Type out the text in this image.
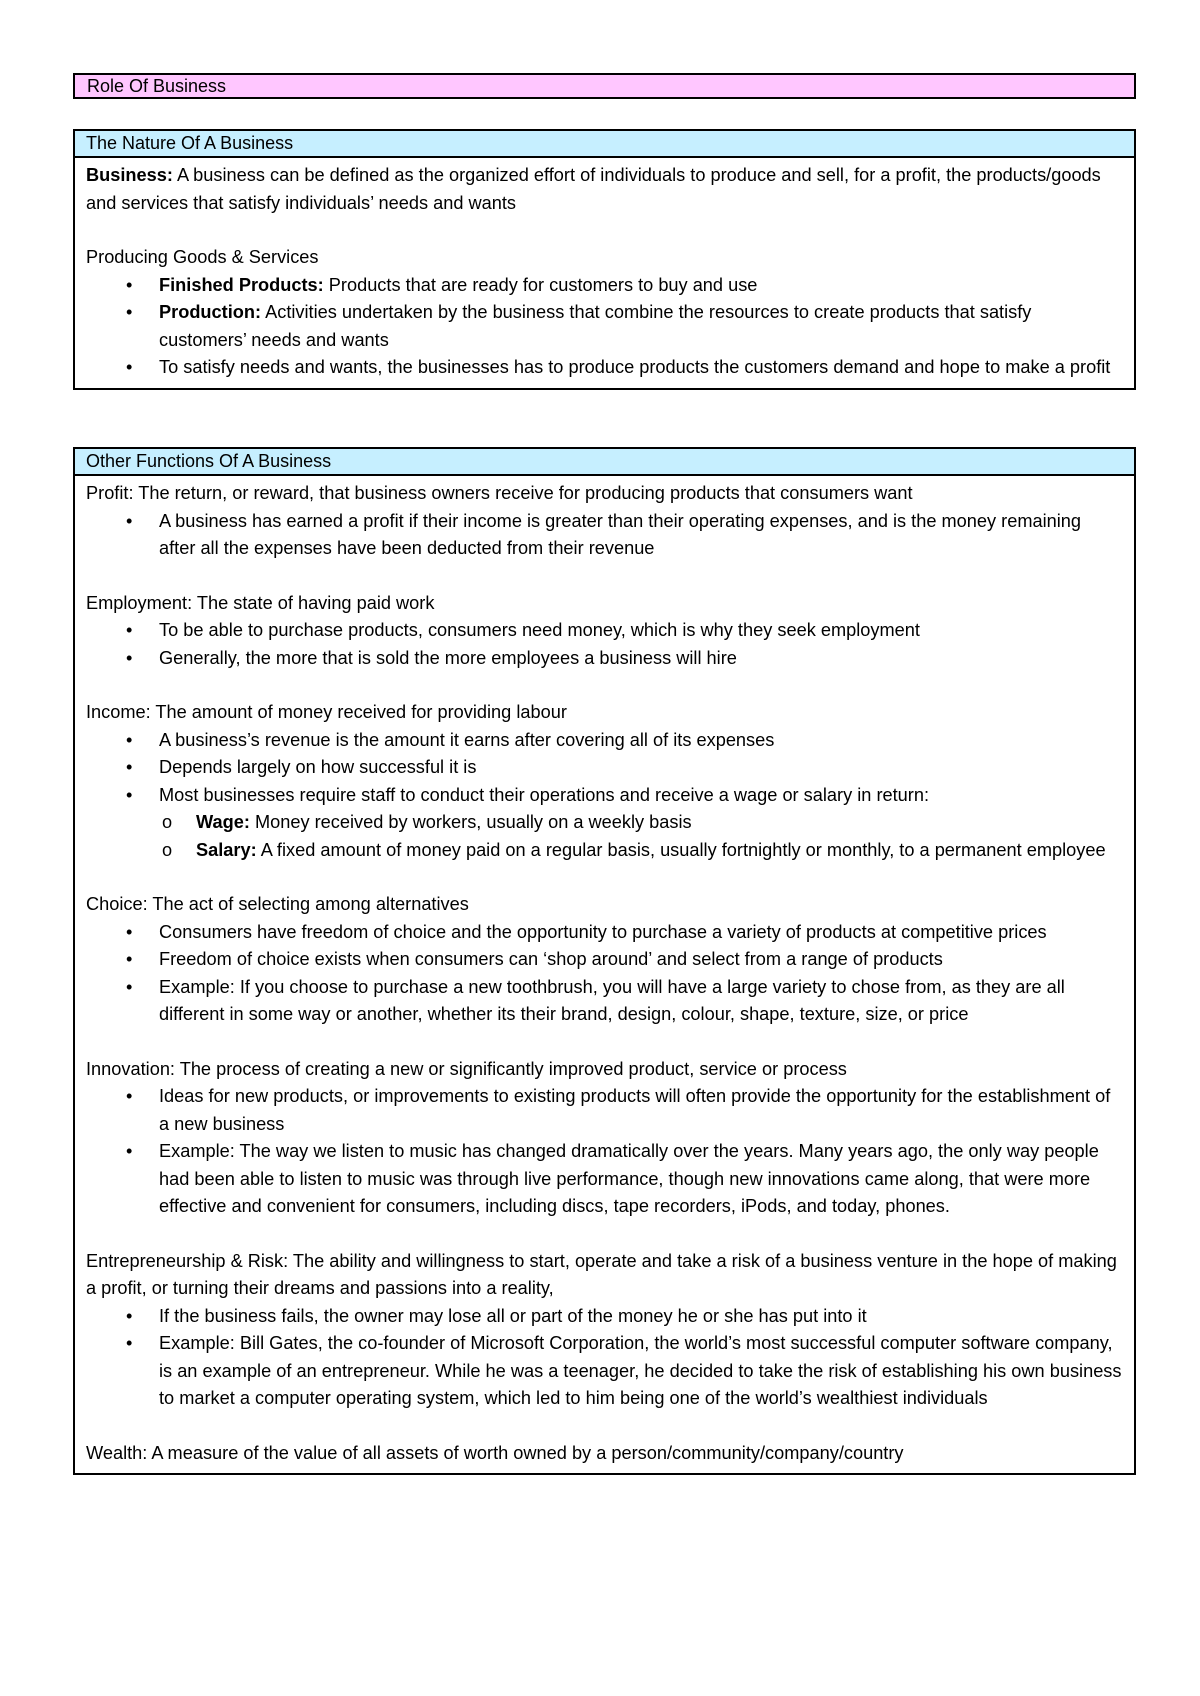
Role Of Business
The Nature Of A Business

Business: A business can be defined as the organized effort of individuals to produce and sell, for a profit, the products/goods and services that satisfy individuals’ needs and wants

Producing Goods & Services

• Finished Products: Products that are ready for customers to buy and use
• Production: Activities undertaken by the business that combine the resources to create products that satisfy customers’ needs and wants
• To satisfy needs and wants, the businesses has to produce products the customers demand and hope to make a profit
Other Functions Of A Business

Profit: The return, or reward, that business owners receive for producing products that consumers want

• A business has earned a profit if their income is greater than their operating expenses, and is the money remaining after all the expenses have been deducted from their revenue

Employment: The state of having paid work

• To be able to purchase products, consumers need money, which is why they seek employment
• Generally, the more that is sold the more employees a business will hire

Income: The amount of money received for providing labour

• A business’s revenue is the amount it earns after covering all of its expenses
• Depends largely on how successful it is
• Most businesses require staff to conduct their operations and receive a wage or salary in return:
o Wage: Money received by workers, usually on a weekly basis
o Salary: A fixed amount of money paid on a regular basis, usually fortnightly or monthly, to a permanent employee

Choice: The act of selecting among alternatives

• Consumers have freedom of choice and the opportunity to purchase a variety of products at competitive prices
• Freedom of choice exists when consumers can ‘shop around’ and select from a range of products
• Example: If you choose to purchase a new toothbrush, you will have a large variety to chose from, as they are all different in some way or another, whether its their brand, design, colour, shape, texture, size, or price

Innovation: The process of creating a new or significantly improved product, service or process

• Ideas for new products, or improvements to existing products will often provide the opportunity for the establishment of a new business
• Example: The way we listen to music has changed dramatically over the years. Many years ago, the only way people had been able to listen to music was through live performance, though new innovations came along, that were more effective and convenient for consumers, including discs, tape recorders, iPods, and today, phones.

Entrepreneurship & Risk: The ability and willingness to start, operate and take a risk of a business venture in the hope of making a profit, or turning their dreams and passions into a reality,

• If the business fails, the owner may lose all or part of the money he or she has put into it
• Example: Bill Gates, the co-founder of Microsoft Corporation, the world’s most successful computer software company, is an example of an entrepreneur. While he was a teenager, he decided to take the risk of establishing his own business to market a computer operating system, which led to him being one of the world’s wealthiest individuals

Wealth: A measure of the value of all assets of worth owned by a person/community/company/country
